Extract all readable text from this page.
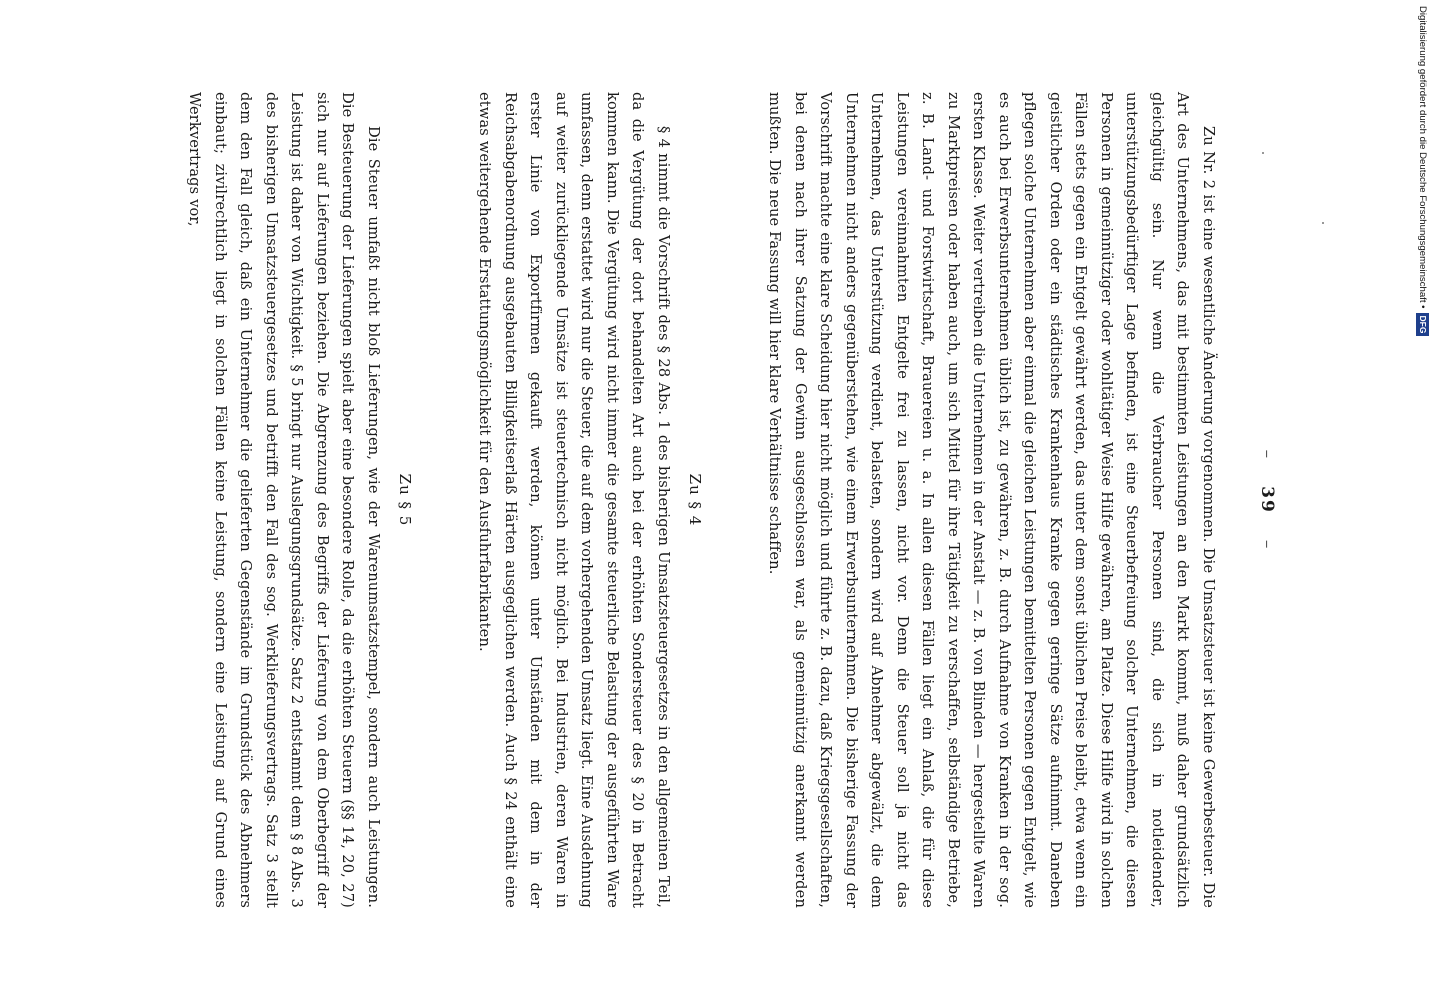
– 39 –

Zu Nr. 2 ist eine wesentliche Änderung vorgenommen. Die Umsatzsteuer ist keine Gewerbesteuer. Die Art des Unternehmens, das mit bestimmten Leistungen an den Markt kommt, muß daher grundsätzlich gleichgültig sein. Nur wenn die Verbraucher Personen sind, die sich in notleidender, unterstützungsbedürftiger Lage befinden, ist eine Steuerbefreiung solcher Unternehmen, die diesen Personen in gemeinnütziger oder wohltätiger Weise Hilfe gewähren, am Platze. Diese Hilfe wird in solchen Fällen stets gegen ein Entgelt gewährt werden, das unter dem sonst üblichen Preise bleibt, etwa wenn ein geistlicher Orden oder ein städtisches Krankenhaus Kranke gegen geringe Sätze aufnimmt. Daneben pflegen solche Unternehmen aber einmal die gleichen Leistungen bemittelten Personen gegen Entgelt, wie es auch bei Erwerbsunternehmen üblich ist, zu gewähren, z. B. durch Aufnahme von Kranken in der sog. ersten Klasse. Weiter vertreiben die Unternehmen in der Anstalt — z. B. von Blinden — hergestellte Waren zu Marktpreisen oder haben auch, um sich Mittel für ihre Tätigkeit zu verschaffen, selbständige Betriebe, z. B. Land- und Forstwirtschaft, Brauereien u. a. In allen diesen Fällen liegt ein Anlaß, die für diese Leistungen vereinnahmten Entgelte frei zu lassen, nicht vor. Denn die Steuer soll ja nicht das Unternehmen, das Unterstützung verdient, belasten, sondern wird auf Abnehmer abgewälzt, die dem Unternehmen nicht anders gegenüberstehen, wie einem Erwerbsunternehmen. Die bisherige Fassung der Vorschrift machte eine klare Scheidung hier nicht möglich und führte z. B. dazu, daß Kriegsgesellschaften, bei denen nach ihrer Satzung der Gewinn ausgeschlossen war, als gemeinnützig anerkannt werden mußten. Die neue Fassung will hier klare Verhältnisse schaffen.

Zu § 4

§ 4 nimmt die Vorschrift des § 28 Abs. 1 des bisherigen Umsatzsteuergesetzes in den allgemeinen Teil, da die Vergütung der dort behandelten Art auch bei der erhöhten Sondersteuer des § 20 in Betracht kommen kann. Die Vergütung wird nicht immer die gesamte steuerliche Belastung der ausgeführten Ware umfassen, denn erstattet wird nur die Steuer, die auf dem vorhergehenden Umsatz liegt. Eine Ausdehnung auf weiter zurückliegende Umsätze ist steuertechnisch nicht möglich. Bei Industrien, deren Waren in erster Linie von Exportfirmen gekauft werden, können unter Umständen mit dem in der Reichsabgabenordnung ausgebauten Billigkeitserlaß Härten ausgeglichen werden. Auch § 24 enthält eine etwas weitergehende Erstattungsmöglichkeit für den Ausfuhrfabrikanten.

Zu § 5

Die Steuer umfaßt nicht bloß Lieferungen, wie der Warenumsatzstempel, sondern auch Leistungen. Die Besteuerung der Lieferungen spielt aber eine besondere Rolle, da die erhöhten Steuern (§§ 14, 20, 27) sich nur auf Lieferungen beziehen. Die Abgrenzung des Begriffs der Lieferung von dem Oberbegriff der Leistung ist daher von Wichtigkeit. § 5 bringt nur Auslegungsgrundsätze. Satz 2 entstammt dem § 8 Abs. 3 des bisherigen Umsatzsteuergesetzes und betrifft den Fall des sog. Werklieferungsvertrags. Satz 3 stellt dem den Fall gleich, daß ein Unternehmer die gelieferten Gegenstände im Grundstück des Abnehmers einbaut; zivilrechtlich liegt in solchen Fällen keine Leistung, sondern eine Leistung auf Grund eines Werkvertrags vor,	Digitalisierung gefördert durch die Deutsche Forschungsgemeinschaft •DFG
